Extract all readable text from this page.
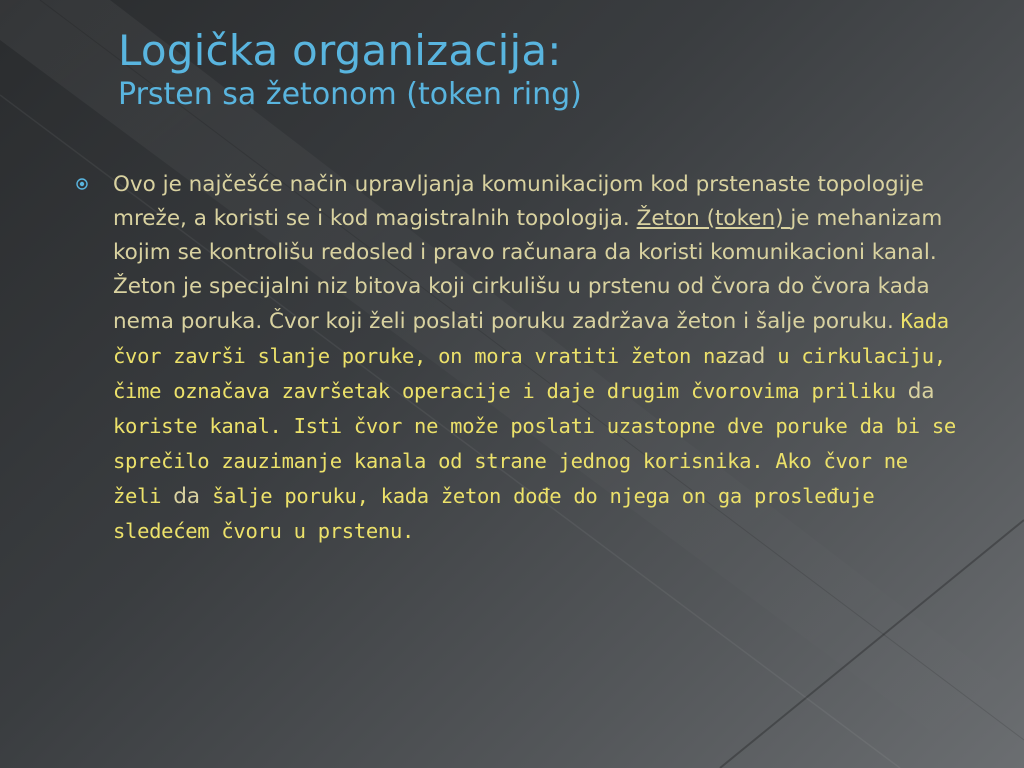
Logička organizacija:
Prsten sa žetonom (token ring)

Ovo je najčešće način upravljanja komunikacijom kod prstenaste topologije mreže, a koristi se i kod magistralnih topologija. Žeton (token) je mehanizam kojim se kontrolišu redosled i pravo računara da koristi komunikacioni kanal. Žeton je specijalni niz bitova koji cirkulišu u prstenu od čvora do čvora kada nema poruka. Čvor koji želi poslati poruku zadržava žeton i šalje poruku. Kada čvor završi slanje poruke, on mora vratiti žeton nazad u cirkulaciju, čime označava završetak operacije i daje drugim čvorovima priliku da koriste kanal. Isti čvor ne može poslati uzastopne dve poruke da bi se sprečilo zauzimanje kanala od strane jednog korisnika. Ako čvor ne želi da šalje poruku, kada žeton dođe do njega on ga prosleđuje sledećem čvoru u prstenu.
